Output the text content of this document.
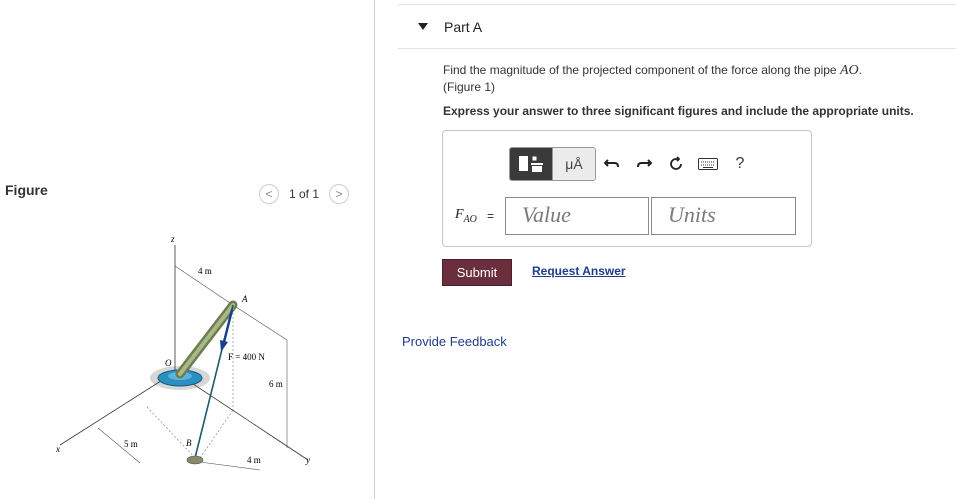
Figure	<	1 of 1	>
z
x
y
4 m
6 m
5 m
4 m
O
A
F = 400 N
B
Part A
Find the magnitude of the projected component of the force along the pipe AO.
(Figure 1)
Express your answer to three significant figures and include the appropriate units.
μÅ	?
$F_{AO}$ =	Value	Units
Submit	Request Answer
Provide Feedback
